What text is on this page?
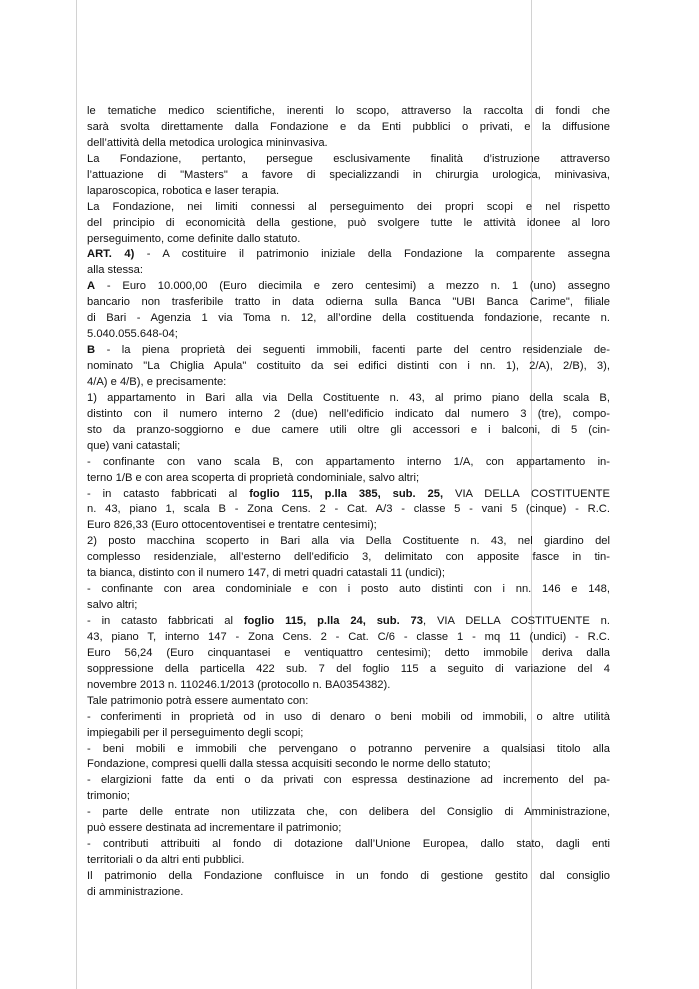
le tematiche medico scientifiche, inerenti lo scopo, attraverso la raccolta di fondi che
sarà svolta direttamente dalla Fondazione e da Enti pubblici o privati, e la diffusione
dell’attività della metodica urologica mininvasiva.
La Fondazione, pertanto, persegue esclusivamente finalità d’istruzione attraverso
l’attuazione di "Masters" a favore di specializzandi in chirurgia urologica, minivasiva,
laparoscopica, robotica e laser terapia.
La Fondazione, nei limiti connessi al perseguimento dei propri scopi e nel rispetto
del principio di economicità della gestione, può svolgere tutte le attività idonee al loro
perseguimento, come definite dallo statuto.
ART. 4) - A costituire il patrimonio iniziale della Fondazione la comparente assegna
alla stessa:
A - Euro 10.000,00 (Euro diecimila e zero centesimi) a mezzo n. 1 (uno) assegno
bancario non trasferibile tratto in data odierna sulla Banca "UBI Banca Carime", filiale
di Bari - Agenzia 1 via Toma n. 12, all’ordine della costituenda fondazione, recante n.
5.040.055.648-04;
B - la piena proprietà dei seguenti immobili, facenti parte del centro residenziale de-
nominato "La Chiglia Apula" costituito da sei edifici distinti con i nn. 1), 2/A), 2/B), 3),
4/A) e 4/B), e precisamente:
1) appartamento in Bari alla via Della Costituente n. 43, al primo piano della scala B,
distinto con il numero interno 2 (due) nell’edificio indicato dal numero 3 (tre), compo-
sto da pranzo-soggiorno e due camere utili oltre gli accessori e i balconi, di 5 (cin-
que) vani catastali;
- confinante con vano scala B, con appartamento interno 1/A, con appartamento in-
terno 1/B e con area scoperta di proprietà condominiale, salvo altri;
- in catasto fabbricati al foglio 115, p.lla 385, sub. 25, VIA DELLA COSTITUENTE
n. 43, piano 1, scala B - Zona Cens. 2 - Cat. A/3 - classe 5 - vani 5 (cinque) - R.C.
Euro 826,33 (Euro ottocentoventisei e trentatre centesimi);
2) posto macchina scoperto in Bari alla via Della Costituente n. 43, nel giardino del
complesso residenziale, all’esterno dell’edificio 3, delimitato con apposite fasce in tin-
ta bianca, distinto con il numero 147, di metri quadri catastali 11 (undici);
- confinante con area condominiale e con i posto auto distinti con i nn. 146 e 148,
salvo altri;
- in catasto fabbricati al foglio 115, p.lla 24, sub. 73, VIA DELLA COSTITUENTE n.
43, piano T, interno 147 - Zona Cens. 2 - Cat. C/6 - classe 1 - mq 11 (undici) - R.C.
Euro 56,24 (Euro cinquantasei e ventiquattro centesimi); detto immobile deriva dalla
soppressione della particella 422 sub. 7 del foglio 115 a seguito di variazione del 4
novembre 2013 n. 110246.1/2013 (protocollo n. BA0354382).
Tale patrimonio potrà essere aumentato con:
- conferimenti in proprietà od in uso di denaro o beni mobili od immobili, o altre utilità
impiegabili per il perseguimento degli scopi;
- beni mobili e immobili che pervengano o potranno pervenire a qualsiasi titolo alla
Fondazione, compresi quelli dalla stessa acquisiti secondo le norme dello statuto;
- elargizioni fatte da enti o da privati con espressa destinazione ad incremento del pa-
trimonio;
- parte delle entrate non utilizzata che, con delibera del Consiglio di Amministrazione,
può essere destinata ad incrementare il patrimonio;
- contributi attribuiti al fondo di dotazione dall’Unione Europea, dallo stato, dagli enti
territoriali o da altri enti pubblici.
Il patrimonio della Fondazione confluisce in un fondo di gestione gestito dal consiglio
di amministrazione.
